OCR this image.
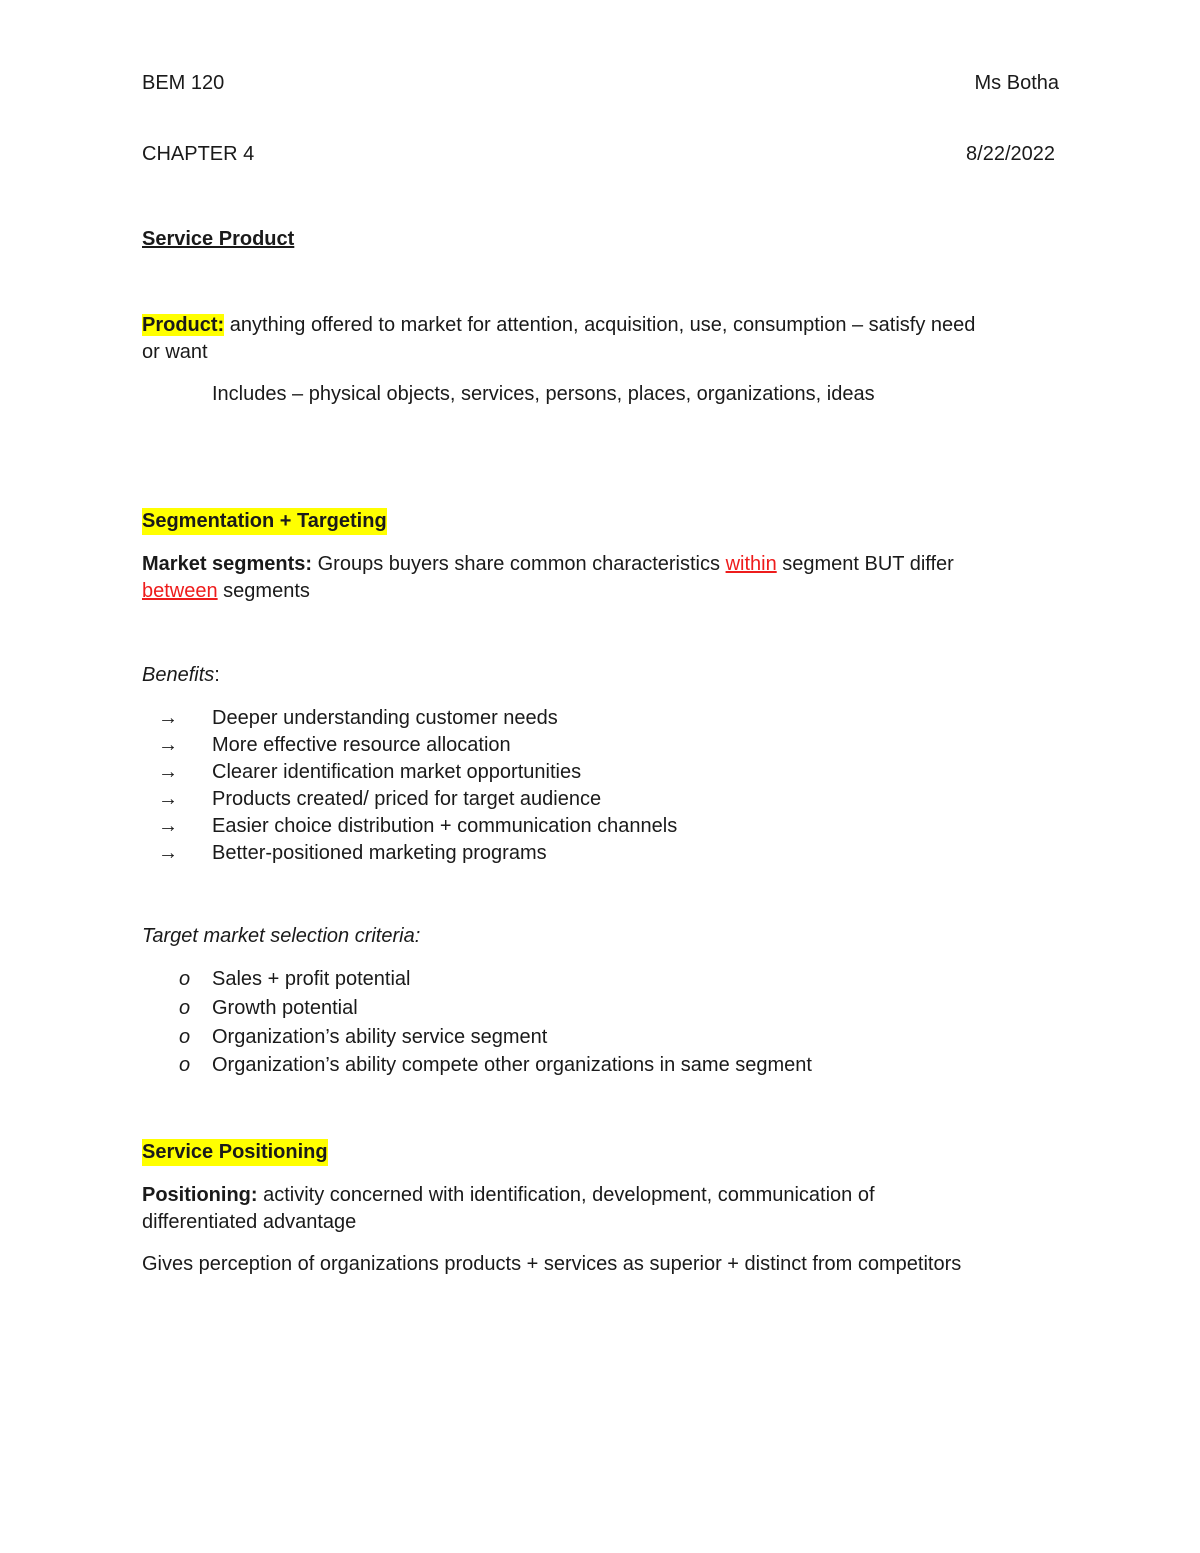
BEM 120	Ms Botha
CHAPTER 4	8/22/2022
Service Product
Product: anything offered to market for attention, acquisition, use, consumption – satisfy need
or want
Includes – physical objects, services, persons, places, organizations, ideas
Segmentation + Targeting
Market segments: Groups buyers share common characteristics within segment BUT differ
between segments
Benefits:
→ Deeper understanding customer needs
→ More effective resource allocation
→ Clearer identification market opportunities
→ Products created/ priced for target audience
→ Easier choice distribution + communication channels
→ Better-positioned marketing programs
Target market selection criteria:
o Sales + profit potential
o Growth potential
o Organization’s ability service segment
o Organization’s ability compete other organizations in same segment
Service Positioning
Positioning: activity concerned with identification, development, communication of
differentiated advantage
Gives perception of organizations products + services as superior + distinct from competitors
